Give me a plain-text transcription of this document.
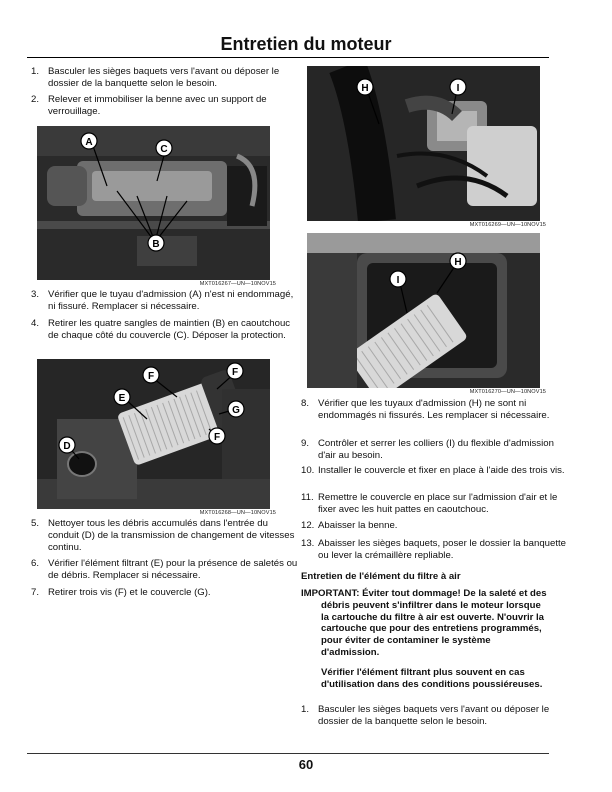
Entretien du moteur
1. Basculer les sièges baquets vers l'avant ou déposer le dossier de la banquette selon le besoin.
2. Relever et immobiliser la benne avec un support de verrouillage.
A
C
B
MXT016267—UN—10NOV15
3. Vérifier que le tuyau d'admission (A) n'est ni endommagé, ni fissuré. Remplacer si nécessaire.
4. Retirer les quatre sangles de maintien (B) en caoutchouc de chaque côté du couvercle (C). Déposer la protection.
F	F
E
G
F
D
MXT016268—UN—10NOV15
5. Nettoyer tous les débris accumulés dans l'entrée du conduit (D) de la transmission de changement de vitesses continu.
6. Vérifier l'élément filtrant (E) pour la présence de saletés ou de débris. Remplacer si nécessaire.
7. Retirer trois vis (F) et le couvercle (G).
H	I
MXT016269—UN—10NOV15
H
I
MXT016270—UN—10NOV15
8. Vérifier que les tuyaux d'admission (H) ne sont ni endommagés ni fissurés. Les remplacer si nécessaire.
9. Contrôler et serrer les colliers (I) du flexible d'admission d'air au besoin.
10. Installer le couvercle et fixer en place à l'aide des trois vis.
11. Remettre le couvercle en place sur l'admission d'air et le fixer avec les huit pattes en caoutchouc.
12. Abaisser la benne.
13. Abaisser les sièges baquets, poser le dossier la banquette ou lever la crémaillère repliable.
Entretien de l'élément du filtre à air
IMPORTANT: Éviter tout dommage! De la saleté et des débris peuvent s'infiltrer dans le moteur lorsque la cartouche du filtre à air est ouverte. N'ouvrir la cartouche que pour des entretiens programmés, pour éviter de contaminer le système d'admission.
Vérifier l'élément filtrant plus souvent en cas d'utilisation dans des conditions poussiéreuses.
1. Basculer les sièges baquets vers l'avant ou déposer le dossier de la banquette selon le besoin.
60
